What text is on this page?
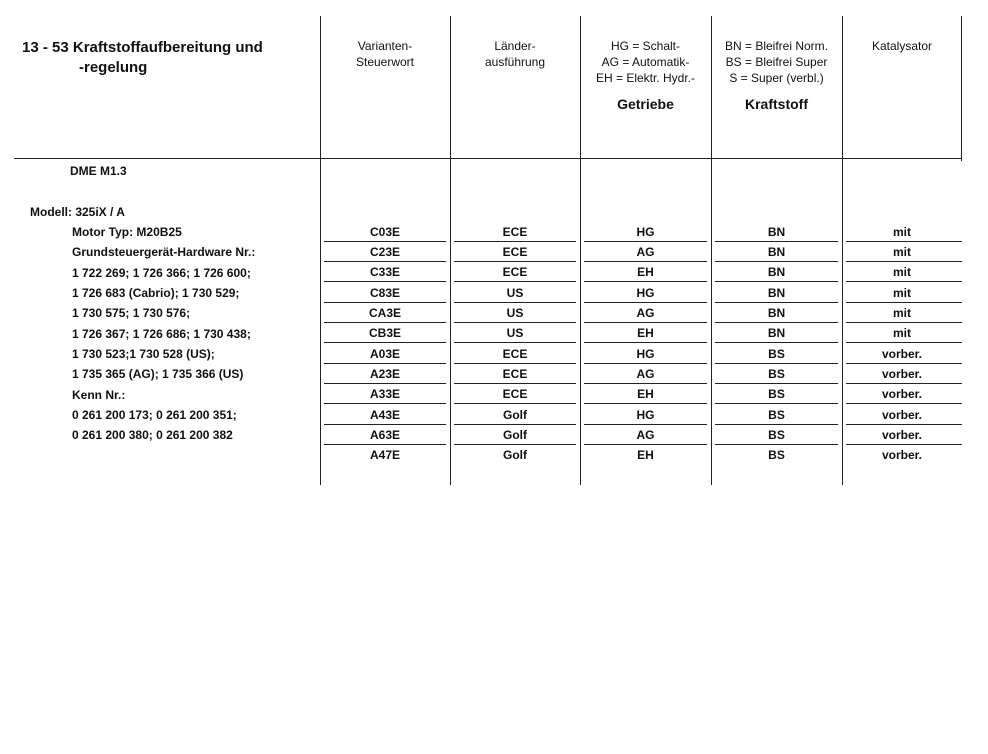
13 - 53 Kraftstoffaufbereitung und
-regelung
Varianten-
Steuerwort
Länder-
ausführung
HG = Schalt-
AG = Automatik-
EH = Elektr. Hydr.-
Getriebe
BN = Bleifrei Norm.
BS = Bleifrei Super
S = Super (verbl.)
Kraftstoff
Katalysator
DME M1.3
Modell: 325iX / A
Motor Typ: M20B25
Grundsteuergerät-Hardware Nr.:
1 722 269; 1 726 366; 1 726 600;
1 726 683 (Cabrio); 1 730 529;
1 730 575; 1 730 576;
1 726 367; 1 726 686; 1 730 438;
1 730 523;1 730 528 (US);
1 735 365 (AG); 1 735 366 (US)
Kenn Nr.:
0 261 200 173; 0 261 200 351;
0 261 200 380; 0 261 200 382
C03E	ECE	HG	BN	mit
C23E	ECE	AG	BN	mit
C33E	ECE	EH	BN	mit
C83E	US	HG	BN	mit
CA3E	US	AG	BN	mit
CB3E	US	EH	BN	mit
A03E	ECE	HG	BS	vorber.
A23E	ECE	AG	BS	vorber.
A33E	ECE	EH	BS	vorber.
A43E	Golf	HG	BS	vorber.
A63E	Golf	AG	BS	vorber.
A47E	Golf	EH	BS	vorber.
